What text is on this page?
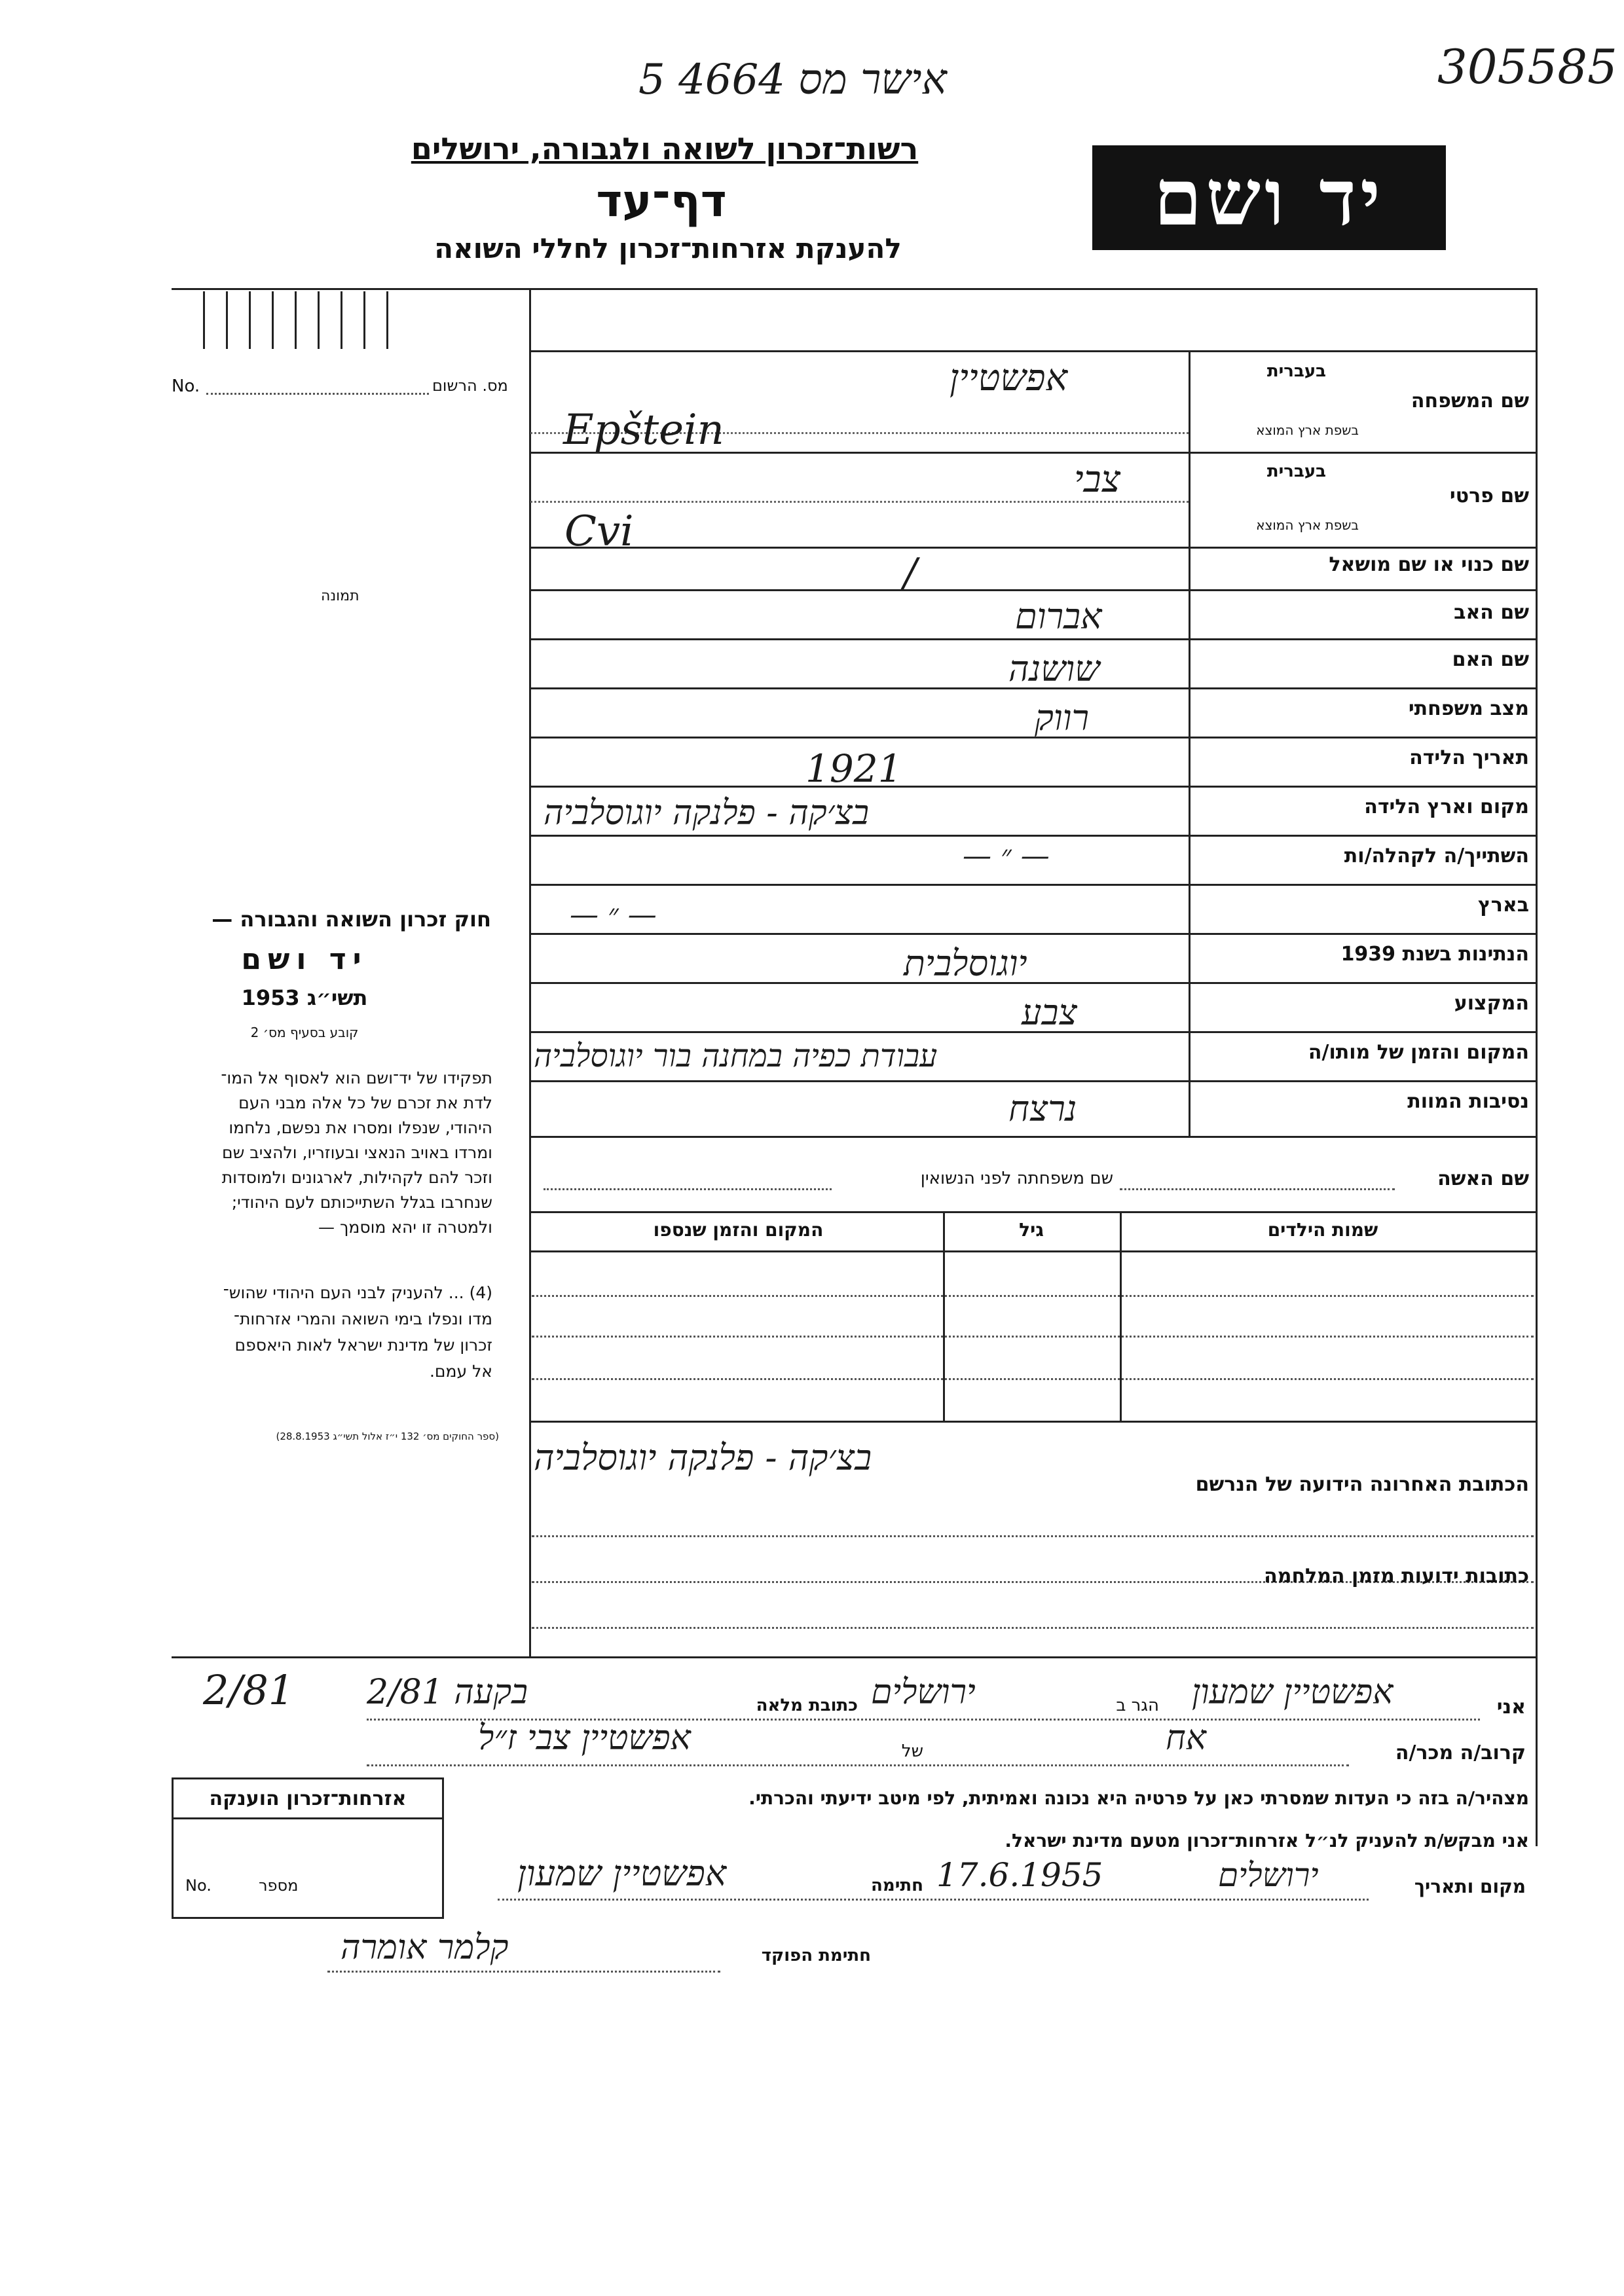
5 4664 אישר מס	305585
רשות־זכרון לשואה ולגבורה, ירושלים
דף־עד
להענקת אזרחות־זכרון לחללי השואה
יד ושם
No.	מס. הרשום
תמונה
חוק זכרון השואה והגבורה —
יד ושם
תשי״ג 1953
קובע בסעיף מס׳ 2

תפקידו של יד־ושם הוא לאסוף אל המו־

לדת את זכרם של כל אלה מבני העם

היהודי, שנפלו ומסרו את נפשם, נלחמו

ומרדו באויב הנאצי ובעוזריו, ולהציב שם

וזכר להם לקהילות, לארגונים ולמוסדות

שנחרבו בגלל השתייכותם לעם היהודי;

ולמטרה זו יהא מוסמך —

(4) ... להעניק לבני העם היהודי שהוש־

מדו ונפלו בימי השואה והמרי אזרחות־

זכרון של מדינת ישראל לאות היאספם

אל עמם.

(ספר החוקים מס׳ 132 י״ז אלול תשי״ג 28.8.1953)
שם המשפחה
בעברית
בשפת ארץ המוצא
אפשטיין
Epštein
שם פרטי
בעברית
בשפת ארץ המוצא
צבי
Cvi
שם כנוי או שם מושאל
/
שם האב
אברום
שם האם
שושנה
מצב משפחתי
רווק
תאריך הלידה
1921
מקום וארץ הלידה
בצ׳קה - פלנקה יוגוסלביה
השתייך/ה לקהלה/ות
— ״ —
בארץ
— ״ —
הנתינות בשנת 1939
יוגוסלבית
המקצוע
צבע
המקום והזמן של מותו/ה
עבודת כפיה במחנה בור יוגוסלביה
נסיבות המוות
נרצח
שם האשה
שם משפחתה לפני הנשואין
שמות הילדים
גיל
המקום והזמן שנספו
בצ׳קה - פלנקה יוגוסלביה
הכתובת האחרונה הידועה של הנרשם
כתובות ידועות מזמן המלחמה
2/81	אפשטיין שמעון	אני
הגר ב
ירושלים
כתובת מלאה
בקעה 2/81
קרוב/ה מכר/ה
אח
של
אפשטיין צבי ז״ל
מצהיר/ה בזה כי העדות שמסרתי כאן על פרטיה היא נכונה ואמיתית, לפי מיטב ידיעתי והכרתי.
אני מבקש/ת להעניק לנ״ל אזרחות־זכרון מטעם מדינת ישראל.
מקום ותאריך
ירושלים
17.6.1955
חתימה
אפשטיין שמעון
חתימת הפוקד
קלמר אומרה
אזרחות־זכרון הוענקה
No.	מספר
